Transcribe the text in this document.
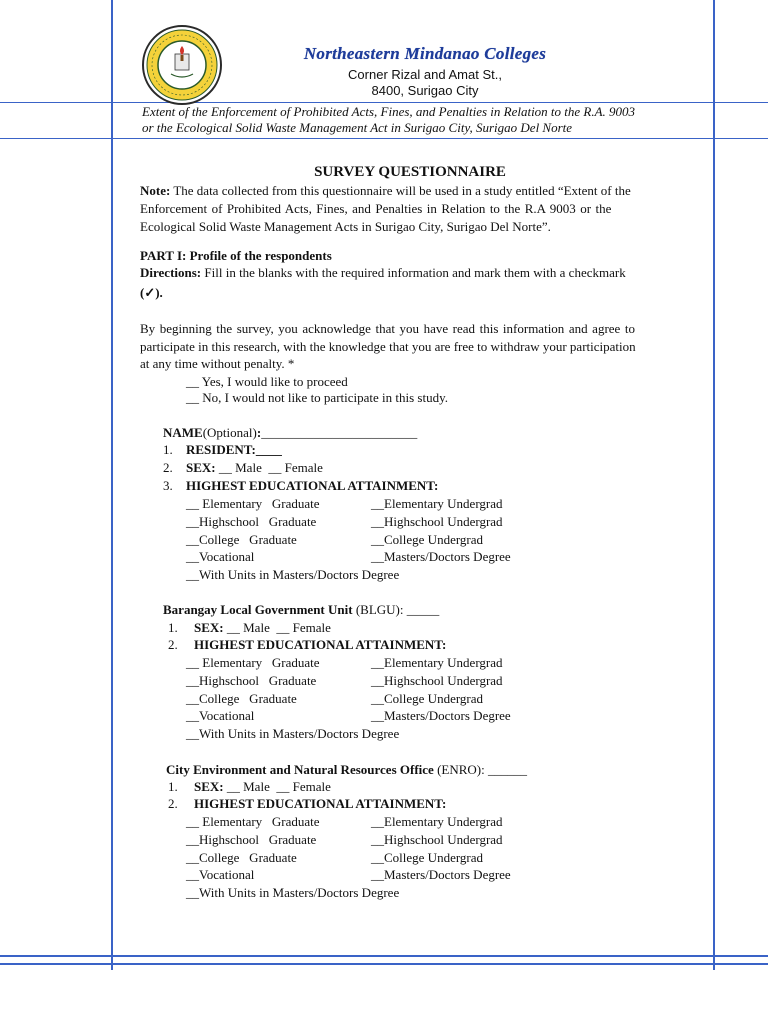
Northeastern Mindanao Colleges
Corner Rizal and Amat St.,
8400, Surigao City
Extent of the Enforcement of Prohibited Acts, Fines, and Penalties in Relation to the R.A. 9003
or the Ecological Solid Waste Management Act in Surigao City, Surigao Del Norte
SURVEY QUESTIONNAIRE
Note: The data collected from this questionnaire will be used in a study entitled “Extent of the
Enforcement of Prohibited Acts, Fines, and Penalties in Relation to the R.A 9003 or the
Ecological Solid Waste Management Acts in Surigao City, Surigao Del Norte”.
PART I: Profile of the respondents
Directions: Fill in the blanks with the required information and mark them with a checkmark
(✓).
By beginning the survey, you acknowledge that you have read this information and agree to
participate in this research, with the knowledge that you are free to withdraw your participation
at any time without penalty. *
__ Yes, I would like to proceed
__ No, I would not like to participate in this study.
NAME(Optional):________________________
1. RESIDENT:____
2. SEX: __ Male  __ Female
3. HIGHEST EDUCATIONAL ATTAINMENT:
__ Elementary   Graduate
__Highschool   Graduate
__College   Graduate
__Vocational
__Elementary Undergrad
__Highschool Undergrad
__College Undergrad
__Masters/Doctors Degree
__With Units in Masters/Doctors Degree
Barangay Local Government Unit (BLGU): _____
1. SEX: __ Male  __ Female
2. HIGHEST EDUCATIONAL ATTAINMENT:
__ Elementary   Graduate
__Highschool   Graduate
__College   Graduate
__Vocational
__Elementary Undergrad
__Highschool Undergrad
__College Undergrad
__Masters/Doctors Degree
__With Units in Masters/Doctors Degree
City Environment and Natural Resources Office (ENRO): ______
1. SEX: __ Male  __ Female
2. HIGHEST EDUCATIONAL ATTAINMENT:
__ Elementary   Graduate
__Highschool   Graduate
__College   Graduate
__Vocational
__Elementary Undergrad
__Highschool Undergrad
__College Undergrad
__Masters/Doctors Degree
__With Units in Masters/Doctors Degree
